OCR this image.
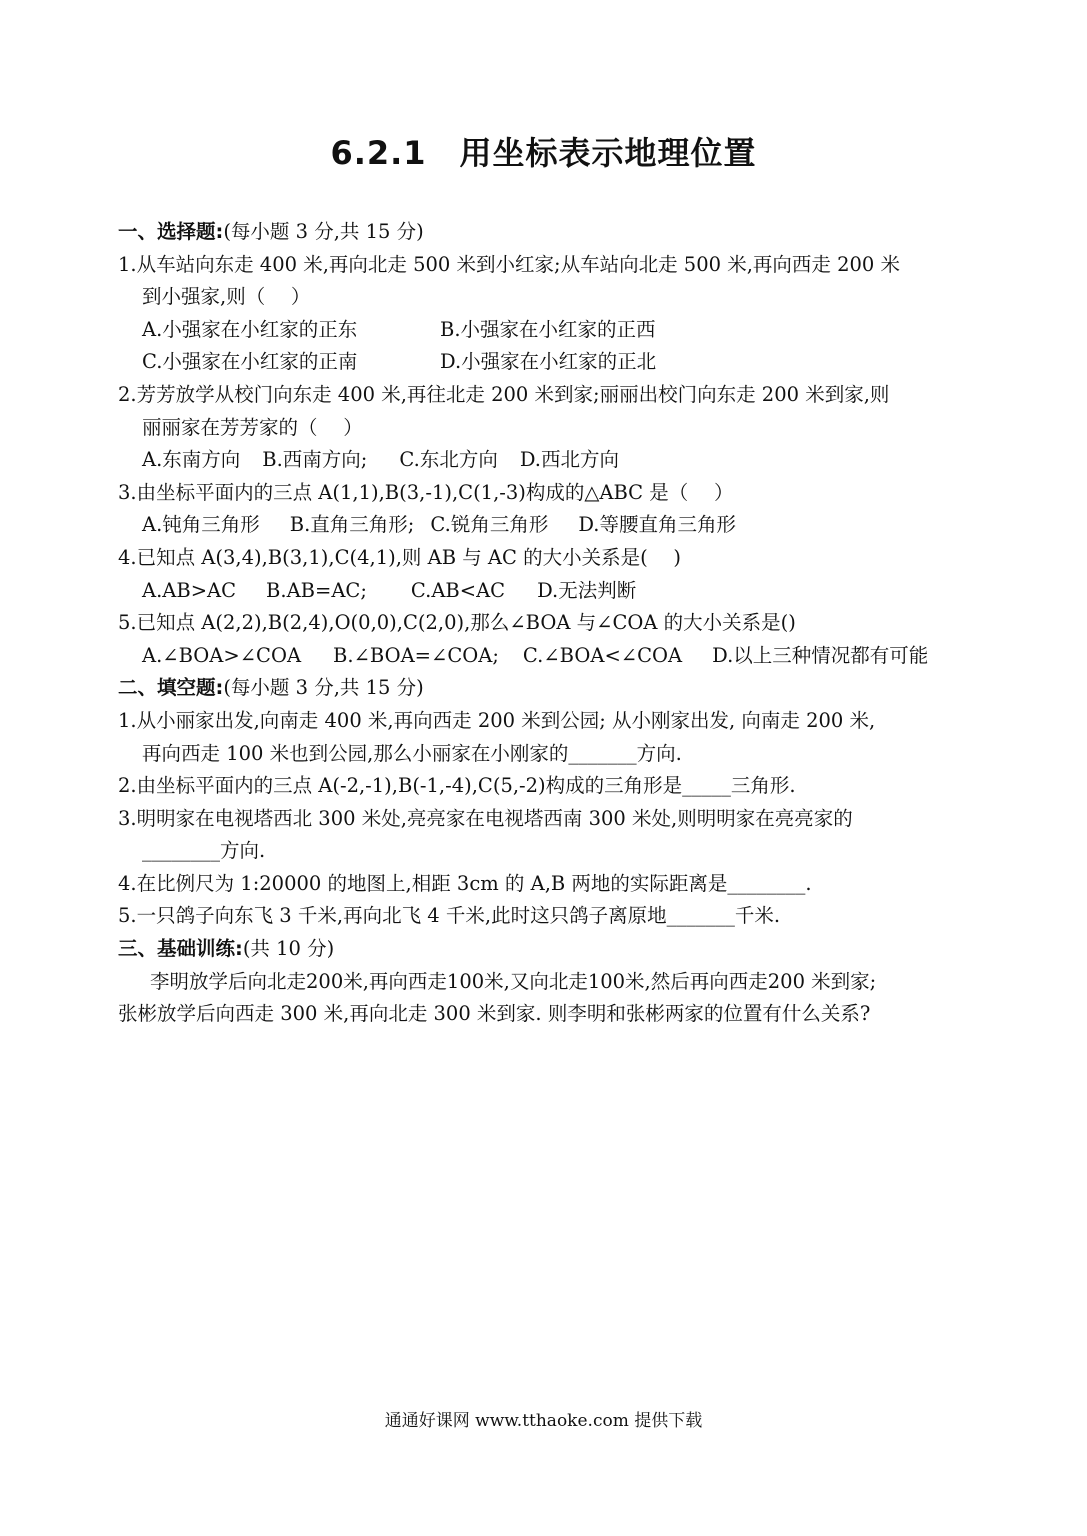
6.2.1　用坐标表示地理位置
一、选择题:(每小题 3 分,共 15 分)
1.从车站向东走 400 米,再向北走 500 米到小红家;从车站向北走 500 米,再向西走 200 米
到小强家,则（　 ）
A.小强家在小红家的正东	B.小强家在小红家的正西
C.小强家在小红家的正南	D.小强家在小红家的正北
2.芳芳放学从校门向东走 400 米,再往北走 200 米到家;丽丽出校门向东走 200 米到家,则
丽丽家在芳芳家的（　 ）
A.东南方向 B.西南方向; C.东北方向 D.西北方向
3.由坐标平面内的三点 A(1,1),B(3,-1),C(1,-3)构成的△ABC 是（　 ）
A.钝角三角形 B.直角三角形; C.锐角三角形 D.等腰直角三角形
4.已知点 A(3,4),B(3,1),C(4,1),则 AB 与 AC 的大小关系是(　 )
A.AB>AC B.AB=AC; C.AB<AC D.无法判断
5.已知点 A(2,2),B(2,4),O(0,0),C(2,0),那么∠BOA 与∠COA 的大小关系是()
A.∠BOA>∠COA B.∠BOA=∠COA; C.∠BOA<∠COA D.以上三种情况都有可能
二、填空题:(每小题 3 分,共 15 分)
1.从小丽家出发,向南走 400 米,再向西走 200 米到公园; 从小刚家出发, 向南走 200 米,
再向西走 100 米也到公园,那么小丽家在小刚家的_______方向.
2.由坐标平面内的三点 A(-2,-1),B(-1,-4),C(5,-2)构成的三角形是_____三角形.
3.明明家在电视塔西北 300 米处,亮亮家在电视塔西南 300 米处,则明明家在亮亮家的
________方向.
4.在比例尺为 1:20000 的地图上,相距 3cm 的 A,B 两地的实际距离是________.
5.一只鸽子向东飞 3 千米,再向北飞 4 千米,此时这只鸽子离原地_______千米.
三、基础训练:(共 10 分)
李明放学后向北走200米,再向西走100米,又向北走100米,然后再向西走200 米到家;
张彬放学后向西走 300 米,再向北走 300 米到家. 则李明和张彬两家的位置有什么关系?
通通好课网 www.tthaoke.com 提供下载
